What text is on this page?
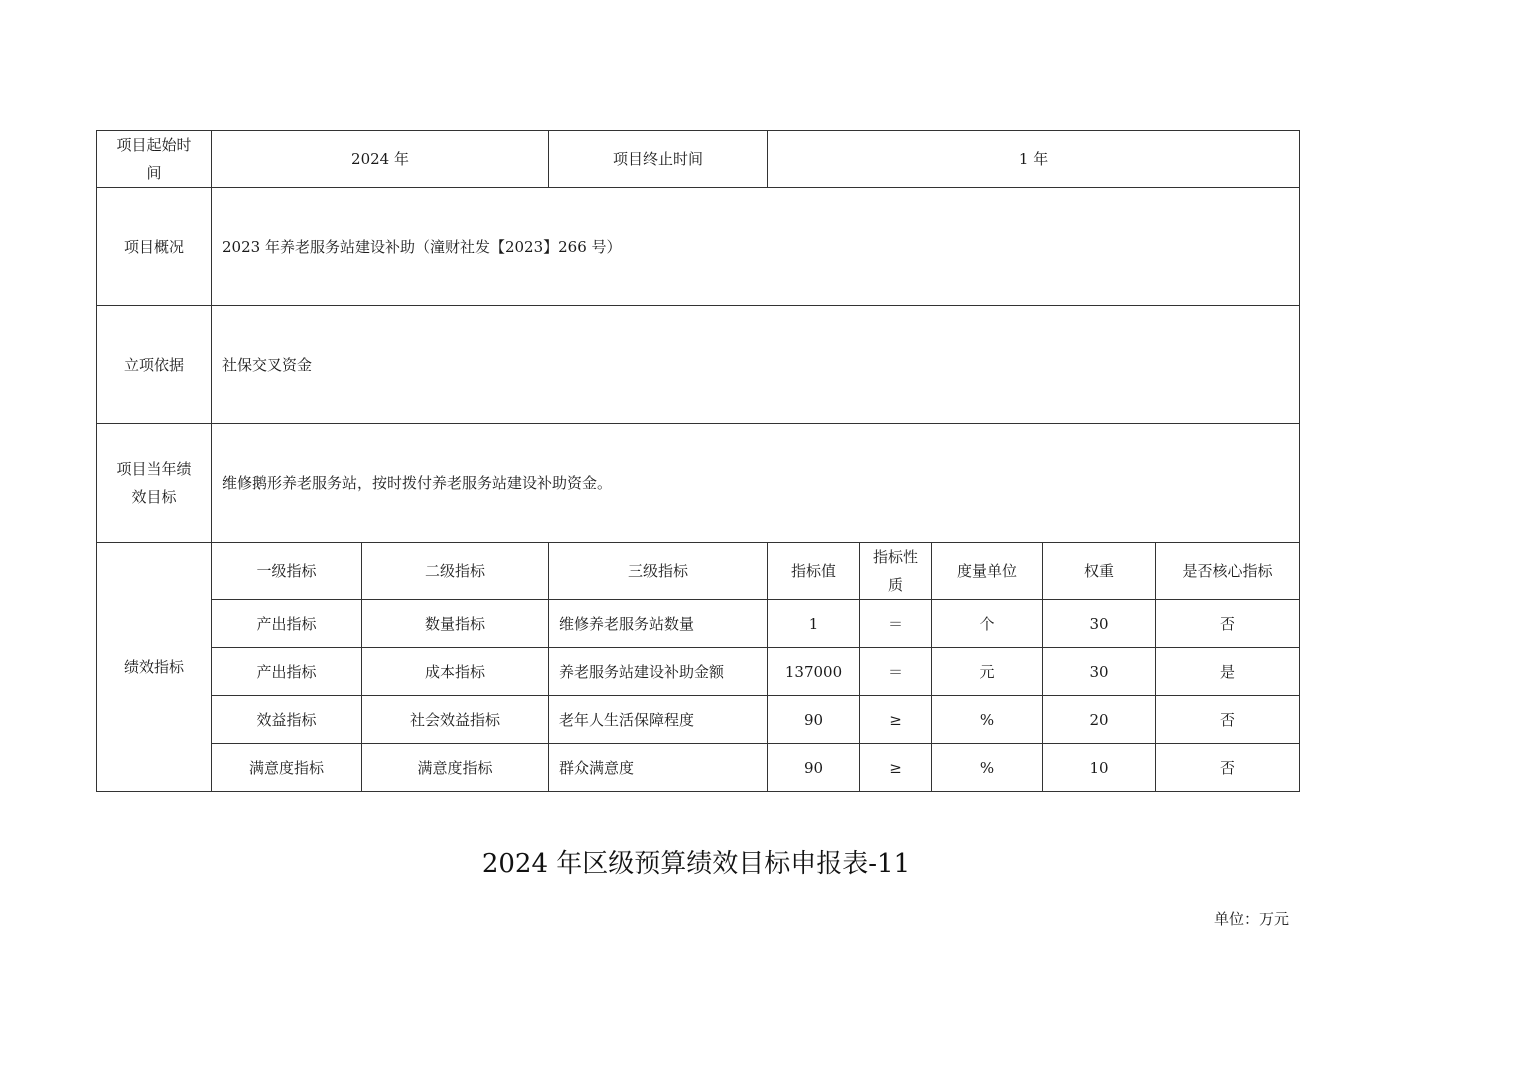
项目起始时间	2024 年		项目终止时间	1 年				
项目概况	2023 年养老服务站建设补助（潼财社发【2023】266 号）							
立项依据	社保交叉资金							
项目当年绩效目标	维修鹅形养老服务站，按时拨付养老服务站建设补助资金。							
绩效指标	一级指标	二级指标	三级指标	指标值	指标性质	度量单位	权重	是否核心指标
	产出指标	数量指标	维修养老服务站数量	1	＝	个	30	否
	产出指标	成本指标	养老服务站建设补助金额	137000	＝	元	30	是
	效益指标	社会效益指标	老年人生活保障程度	90	≥	%	20	否
	满意度指标	满意度指标	群众满意度	90	≥	%	10	否
2024 年区级预算绩效目标申报表-11
单位：万元
